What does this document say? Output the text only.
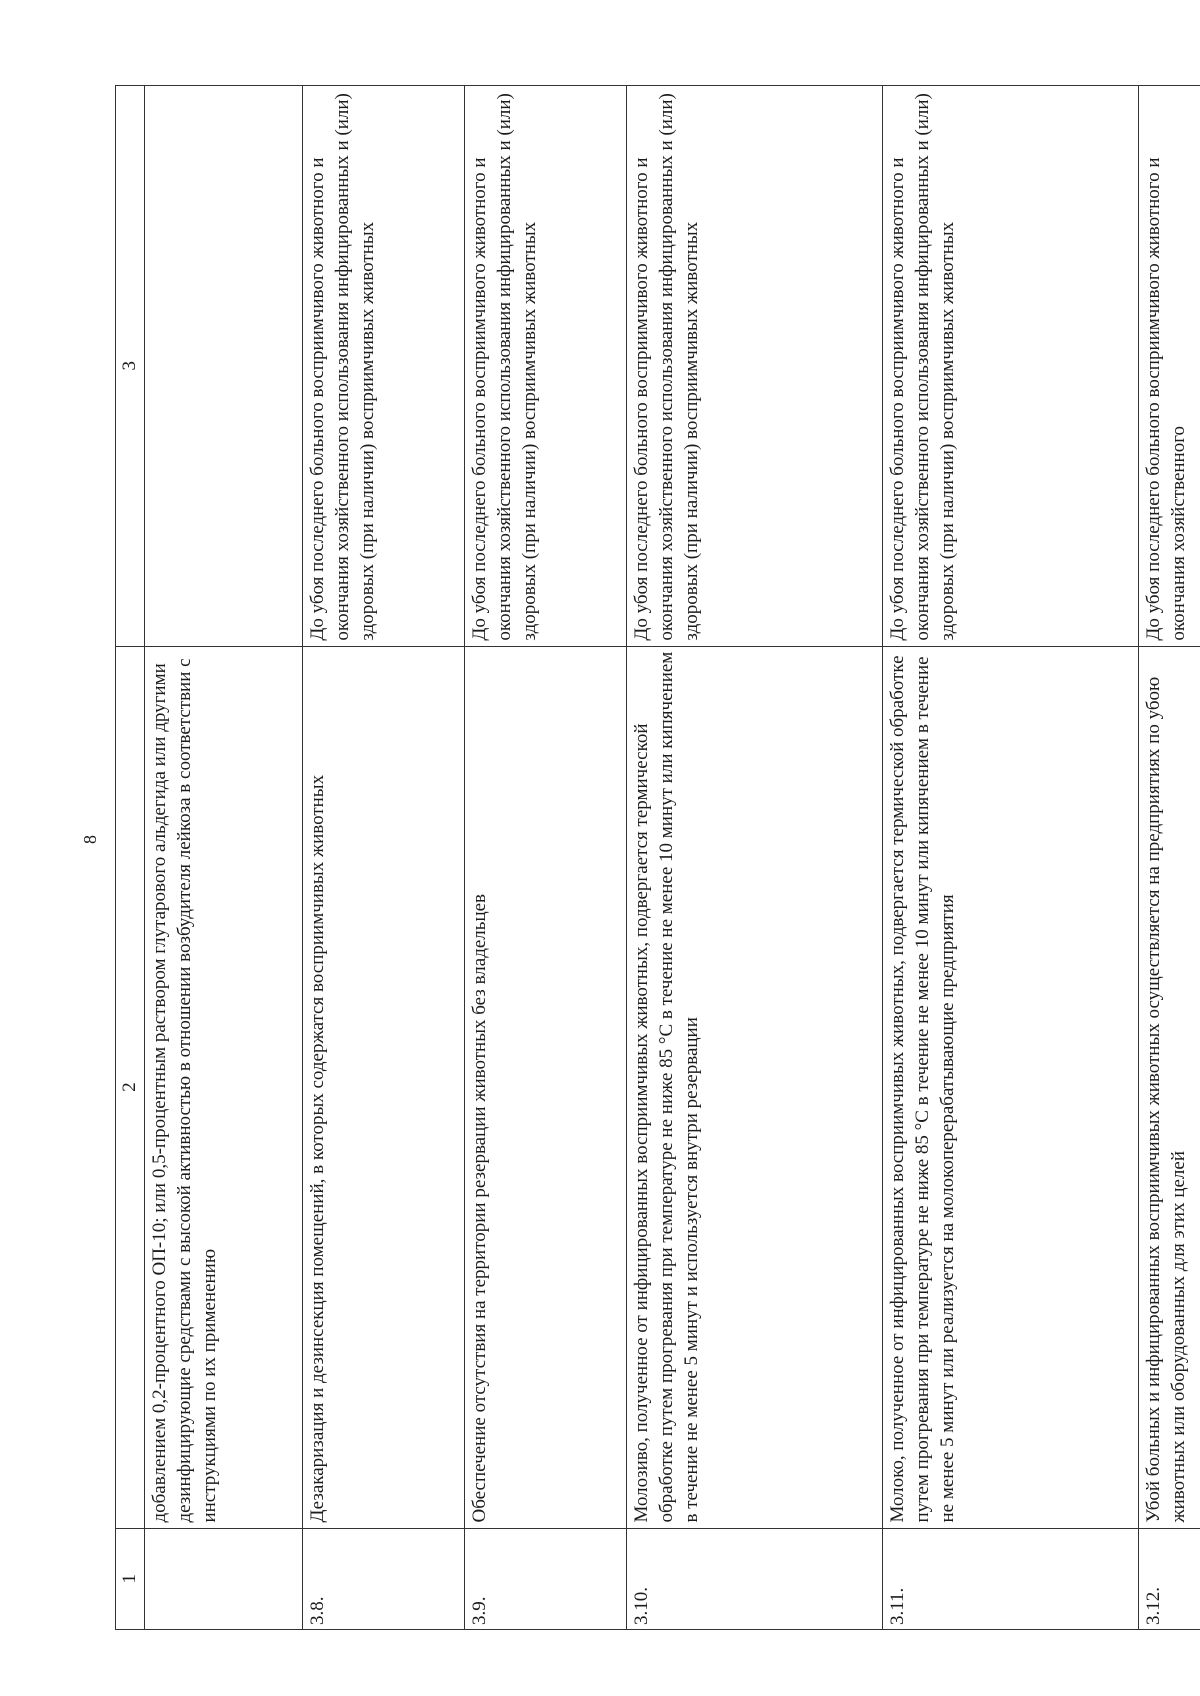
8
1	2	3	
	добавлением 0,2-процентного ОП-10; или 0,5-процентным раствором глутарового альдегида или другими дезинфицирующие средствами с высокой активностью в отношении возбудителя лейкоза в соответствии с инструкциями по их применению		
3.8.	Дезакаризация и дезинсекция помещений, в которых содержатся восприимчивых животных	До убоя последнего больного восприимчивого животного и окончания хозяйственного использования инфицированных и (или) здоровых (при наличии) восприимчивых животных	
3.9.	Обеспечение отсутствия на территории резервации животных без владельцев	До убоя последнего больного восприимчивого животного и окончания хозяйственного использования инфицированных и (или) здоровых (при наличии) восприимчивых животных	
3.10.	Молозиво, полученное от инфицированных восприимчивых животных, подвергается термической обработке путем прогревания при температуре не ниже 85 °С в течение не менее 10 минут или кипячением в течение не менее 5 минут и используется внутри резервации	До убоя последнего больного восприимчивого животного и окончания хозяйственного использования инфицированных и (или) здоровых (при наличии) восприимчивых животных	
3.11.	Молоко, полученное от инфицированных восприимчивых животных, подвергается термической обработке путем прогревания при температуре не ниже 85 °С в течение не менее 10 минут или кипячением в течение не менее 5 минут или реализуется на молокоперерабатывающие предприятия	До убоя последнего больного восприимчивого животного и окончания хозяйственного использования инфицированных и (или) здоровых (при наличии) восприимчивых животных	
3.12.	Убой больных и инфицированных восприимчивых животных осуществляется на предприятиях по убою животных или оборудованных для этих целей	До убоя последнего больного восприимчивого животного и окончания хозяйственного	
